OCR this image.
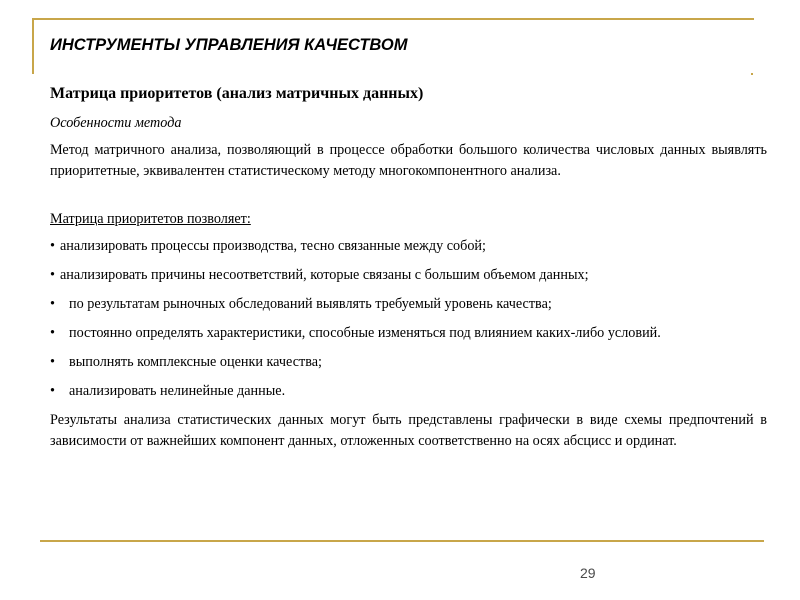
ИНСТРУМЕНТЫ УПРАВЛЕНИЯ КАЧЕСТВОМ
Матрица приоритетов (анализ матричных данных)

Особенности метода

Метод матричного анализа, позволяющий в процессе обработки большого количества числовых данных выявлять приоритетные, эквивалентен статистическому методу многокомпонентного анализа.

Матрица приоритетов позволяет:

• анализировать процессы производства, тесно связанные между собой;
• анализировать причины несоответствий, которые связаны с большим объемом данных;
• по результатам рыночных обследований выявлять требуемый уровень качества;
• постоянно определять характеристики, способные изменяться под влиянием каких-либо условий.
• выполнять комплексные оценки качества;
• анализировать нелинейные данные.

Результаты анализа статистических данных могут быть представлены графически в виде схемы предпочтений в зависимости от важнейших компонент данных, отложенных соответственно на осях абсцисс и ординат.

29
